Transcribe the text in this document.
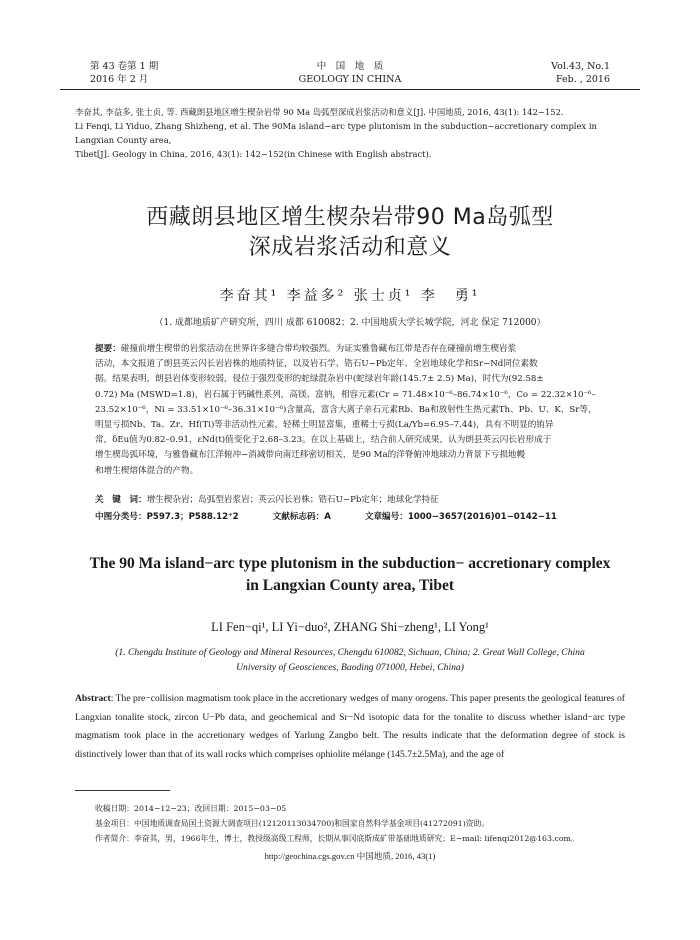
第 43 卷第 1 期	中　国　地　质	Vol.43, No.1
2016 年 2 月	GEOLOGY IN CHINA	Feb. , 2016

李奋其, 李益多, 张士贞, 等. 西藏朗县地区增生楔杂岩带 90 Ma 岛弧型深成岩浆活动和意义[J]. 中国地质, 2016, 43(1): 142−152.

Li Fenqi, Li Yiduo, Zhang Shizheng, et al. The 90Ma island−arc type plutonism in the subduction−accretionary complex in Langxian County area,

Tibet[J]. Geology in China, 2016, 43(1): 142−152(in Chinese with English abstract).

西藏朗县地区增生楔杂岩带90 Ma岛弧型

深成岩浆活动和意义

李奋其¹ 李益多² 张士贞¹ 李　勇¹
（1. 成都地质矿产研究所，四川 成都 610082；2. 中国地质大学长城学院，河北 保定 712000）

提要：碰撞前增生楔带的岩浆活动在世界许多缝合带均较强烈。为证实雅鲁藏布江带是否存在碰撞前增生楔岩浆

活动，本文报道了朗县英云闪长岩岩株的地质特征，以及岩石学、锆石U−Pb定年、全岩地球化学和Sr−Nd同位素数

据。结果表明，朗县岩体变形较弱，侵位于强烈变形的蛇绿混杂岩中(蛇绿岩年龄(145.7± 2.5) Ma)，时代为(92.58±

0.72) Ma (MSWD=1.8)，岩石属于钙碱性系列，高镁、富钠，相容元素(Cr = 71.48×10⁻⁶–86.74×10⁻⁶，Co = 22.32×10⁻⁶–

23.52×10⁻⁶，Ni = 33.51×10⁻⁶–36.31×10⁻⁶)含量高，富含大离子亲石元素Rb、Ba和放射性生热元素Th、Pb、U、K、Sr等，

明显亏损Nb、Ta、Zr、Hf(Ti)等非活动性元素，轻稀土明显富集，重稀土亏损(La/Yb=6.95–7.44)，具有不明显的铕异

常，δEu值为0.82–0.91，εNd(t)值变化于2.68–3.23。在以上基础上，结合前人研究成果，认为朗县英云闪长岩形成于

增生楔岛弧环境，与雅鲁藏布江洋俯冲−消减带向南迁移密切相关，是90 Ma的洋脊俯冲地球动力背景下亏损地幔

和增生楔熔体混合的产物。

关　键　词：增生楔杂岩；岛弧型岩浆岩；英云闪长岩株；锆石U−Pb定年；地球化学特征
中图分类号：P597.3；P588.12⁺2	文献标志码：A	文章编号：1000−3657(2016)01−0142−11

The 90 Ma island−arc type plutonism in the subduction− accretionary complex

in Langxian County area, Tibet

LI Fen−qi¹, LI Yi−duo², ZHANG Shi−zheng¹, LI Yong¹

(1. Chengdu Institute of Geology and Mineral Resources, Chengdu 610082, Sichuan, China; 2. Great Wall College, China

University of Geosciences, Baoding 071000, Hebei, China)

Abstract: The pre−collision magmatism took place in the accretionary wedges of many orogens. This paper presents the geological features of Langxian tonalite stock, zircon U−Pb data, and geochemical and Sr−Nd isotopic data for the tonalite to discuss whether island−arc type magmatism took place in the accretionary wedges of Yarlung Zangbo belt. The results indicate that the deformation degree of stock is distinctively lower than that of its wall rocks which comprises ophiolite mélange (145.7±2.5Ma), and the age of

收稿日期：2014−12−23；改回日期：2015−03−05

基金项目：中国地质调查局国土资源大调查项目(12120113034700)和国家自然科学基金项目(41272091)资助。

作者简介：李奋其，男，1966年生，博士，教授级高级工程师，长期从事冈底斯成矿带基础地质研究；E−mail: lifenqi2012@163.com。

http://geochina.cgs.gov.cn 中国地质, 2016, 43(1)
